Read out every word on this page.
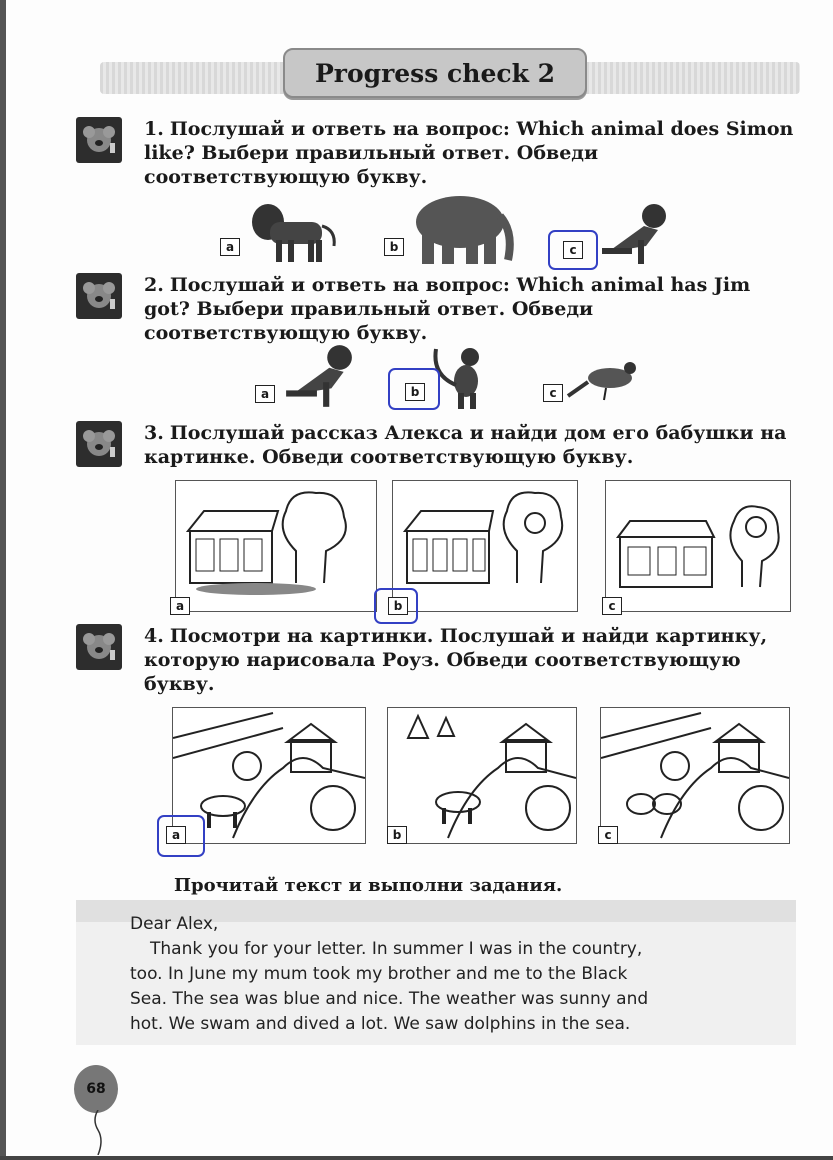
Progress check 2
1. Послушай и ответь на вопрос: Which animal does Simon like? Выбери правильный ответ. Обведи соответствующую букву.
a	b	c
2. Послушай и ответь на вопрос: Which animal has Jim got? Выбери правильный ответ. Обведи соответствующую букву.
a	b	c
3. Послушай рассказ Алекса и найди дом его бабушки на картинке. Обведи соответствующую букву.
a	b	c
4. Посмотри на картинки. Послушай и найди картинку, которую нарисовала Роуз. Обведи соответствующую букву.
a	b	c
Прочитай текст и выполни задания.

Dear Alex,

Thank you for your letter. In summer I was in the country,

too. In June my mum took my brother and me to the Black

Sea. The sea was blue and nice. The weather was sunny and

hot. We swam and dived a lot. We saw dolphins in the sea.

68
